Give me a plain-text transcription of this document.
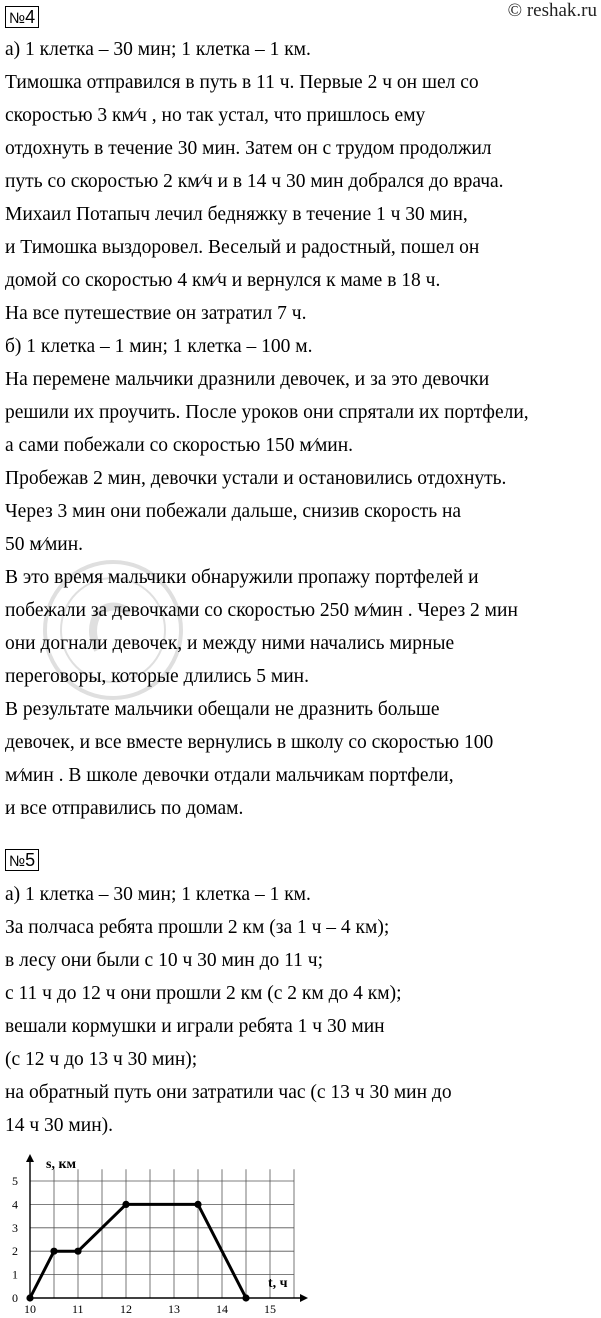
© reshak.ru
№4
а) 1 клетка – 30 мин; 1 клетка – 1 км.
Тимошка отправился в путь в 11 ч. Первые 2 ч он шел со
скоростью 3 км⁄ч , но так устал, что пришлось ему
отдохнуть в течение 30 мин. Затем он с трудом продолжил
путь со скоростью 2 км⁄ч и в 14 ч 30 мин добрался до врача.
Михаил Потапыч лечил бедняжку в течение 1 ч 30 мин,
и Тимошка выздоровел. Веселый и радостный, пошел он
домой со скоростью 4 км⁄ч и вернулся к маме в 18 ч.
На все путешествие он затратил 7 ч.
б) 1 клетка – 1 мин; 1 клетка – 100 м.
На перемене мальчики дразнили девочек, и за это девочки
решили их проучить. После уроков они спрятали их портфели,
а сами побежали со скоростью 150 м⁄мин.
Пробежав 2 мин, девочки устали и остановились отдохнуть.
Через 3 мин они побежали дальше, снизив скорость на
50 м⁄мин.
В это время мальчики обнаружили пропажу портфелей и
побежали за девочками со скоростью 250 м⁄мин . Через 2 мин
они догнали девочек, и между ними начались мирные
переговоры, которые длились 5 мин.
В результате мальчики обещали не дразнить больше
девочек, и все вместе вернулись в школу со скоростью 100
м⁄мин . В школе девочки отдали мальчикам портфели,
и все отправились по домам.
№5
а) 1 клетка – 30 мин; 1 клетка – 1 км.
За полчаса ребята прошли 2 км (за 1 ч – 4 км);
в лесу они были с 10 ч 30 мин до 11 ч;
с 11 ч до 12 ч они прошли 2 км (с 2 км до 4 км);
вешали кормушки и играли ребята 1 ч 30 мин
(с 12 ч до 13 ч 30 мин);
на обратный путь они затратили час (с 13 ч 30 мин до
14 ч 30 мин).
0
1
2
3
4
5
10	11	12	13	14	15
s, км
t, ч
